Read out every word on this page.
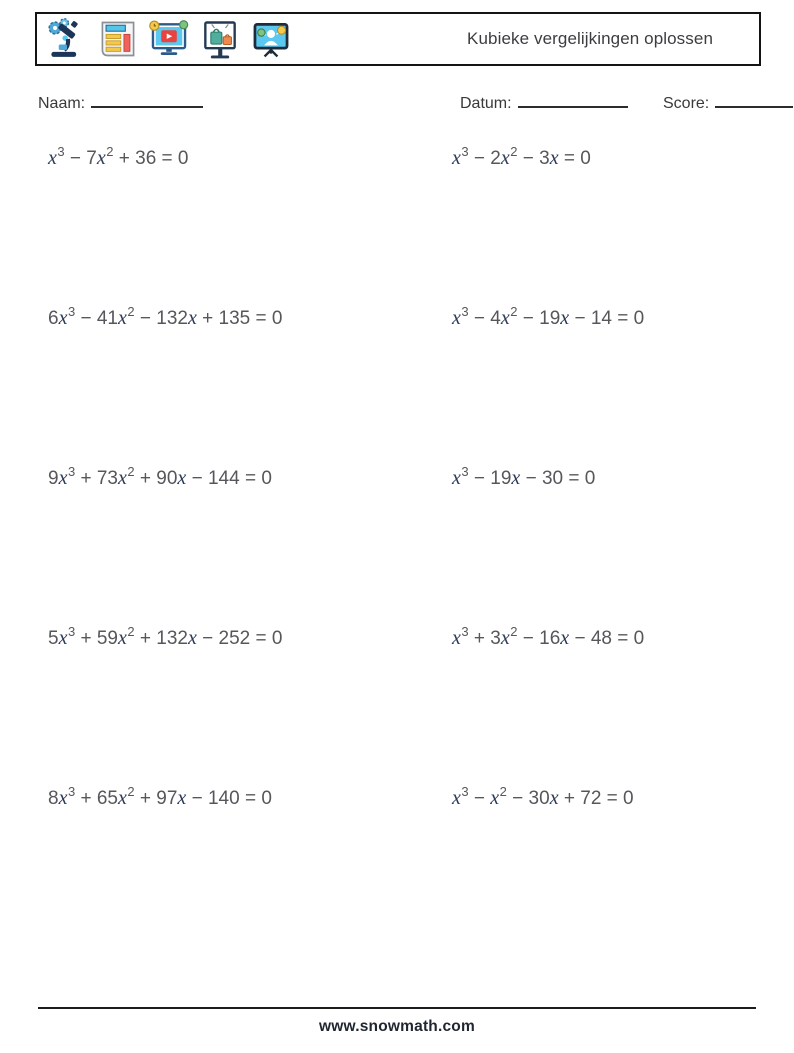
Kubieke vergelijkingen oplossen
Naam:	Datum:	Score:
$x^3 - 7x^2 + 36 = 0$	$x^3 - 2x^2 - 3x = 0$
$6x^3 - 41x^2 - 132x + 135 = 0$	$x^3 - 4x^2 - 19x - 14 = 0$
$9x^3 + 73x^2 + 90x - 144 = 0$	$x^3 - 19x - 30 = 0$
$5x^3 + 59x^2 + 132x - 252 = 0$	$x^3 + 3x^2 - 16x - 48 = 0$
$8x^3 + 65x^2 + 97x - 140 = 0$	$x^3 - x^2 - 30x + 72 = 0$
www.snowmath.com
